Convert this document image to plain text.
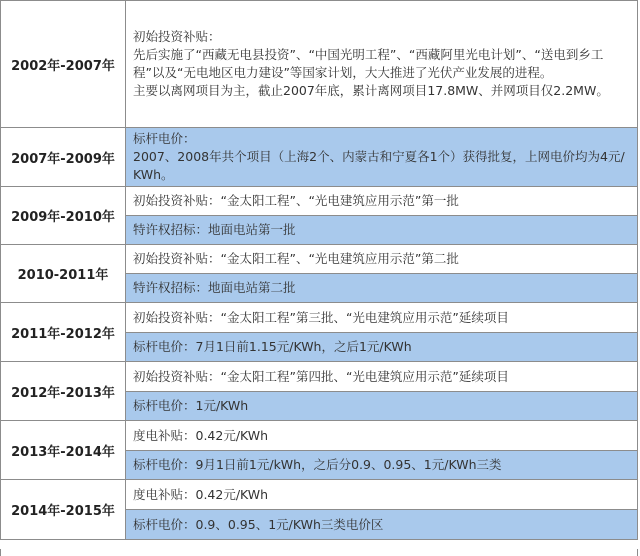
2002年-2007年	初始投资补贴：
先后实施了“西藏无电县投资”、“中国光明工程”、“西藏阿里光电计划”、“送电到乡工程”以及“无电地区电力建设”等国家计划，大大推进了光伏产业发展的进程。
主要以离网项目为主，截止2007年底，累计离网项目17.8MW、并网项目仅2.2MW。

2007年-2009年	标杆电价：
2007、2008年共个项目（上海2个、内蒙古和宁夏各1个）获得批复，上网电价均为4元/KWh。

2009年-2010年	初始投资补贴：“金太阳工程”、“光电建筑应用示范”第一批

	特许权招标：地面电站第一批

2010-2011年	初始投资补贴：“金太阳工程”、“光电建筑应用示范”第二批

	特许权招标：地面电站第二批

2011年-2012年	初始投资补贴：“金太阳工程”第三批、“光电建筑应用示范”延续项目

	标杆电价：7月1日前1.15元/KWh，之后1元/KWh

2012年-2013年	初始投资补贴：“金太阳工程”第四批、“光电建筑应用示范”延续项目

	标杆电价：1元/KWh

2013年-2014年	度电补贴：0.42元/KWh

	标杆电价：9月1日前1元/kWh，之后分0.9、0.95、1元/KWh三类

2014年-2015年	度电补贴：0.42元/KWh

	标杆电价：0.9、0.95、1元/KWh三类电价区
